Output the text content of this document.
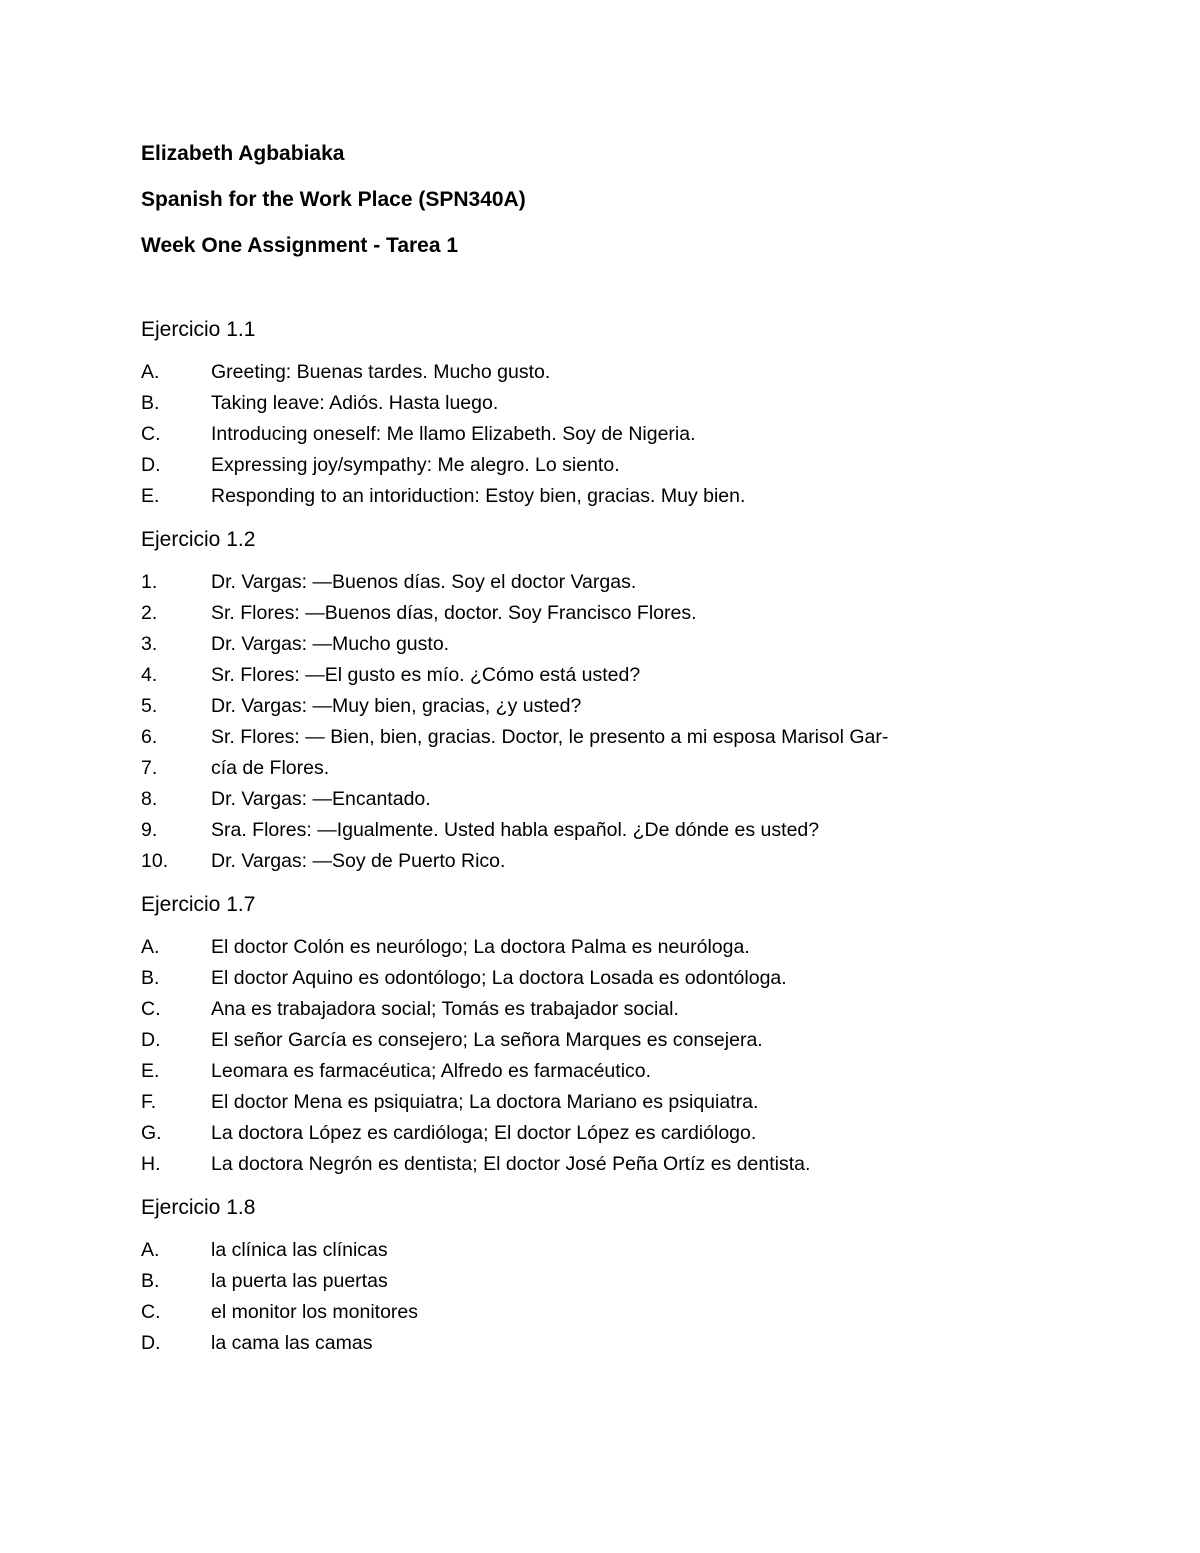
Elizabeth Agbabiaka

Spanish for the Work Place (SPN340A)

Week One Assignment - Tarea 1

Ejercicio 1.1

A.	Greeting: Buenas tardes. Mucho gusto.
B.	Taking leave: Adiós. Hasta luego.
C.	Introducing oneself: Me llamo Elizabeth. Soy de Nigeria.
D.	Expressing joy/sympathy: Me alegro. Lo siento.
E.	Responding to an intoriduction: Estoy bien, gracias. Muy bien.

Ejercicio 1.2

1.	Dr. Vargas: —Buenos días. Soy el doctor Vargas.
2.	Sr. Flores: —Buenos días, doctor. Soy Francisco Flores.
3.	Dr. Vargas: —Mucho gusto.
4.	Sr. Flores: —El gusto es mío. ¿Cómo está usted?
5.	Dr. Vargas: —Muy bien, gracias, ¿y usted?
6.	Sr. Flores: — Bien, bien, gracias. Doctor, le presento a mi esposa Marisol Gar-
7.	cía de Flores.
8.	Dr. Vargas: —Encantado.
9.	Sra. Flores: —Igualmente. Usted habla español. ¿De dónde es usted?
10.	Dr. Vargas: —Soy de Puerto Rico.

Ejercicio 1.7

A.	El doctor Colón es neurólogo; La doctora Palma es neuróloga.
B.	El doctor Aquino es odontólogo; La doctora Losada es odontóloga.
C.	Ana es trabajadora social; Tomás es trabajador social.
D.	El señor García es consejero; La señora Marques es consejera.
E.	Leomara es farmacéutica; Alfredo es farmacéutico.
F.	El doctor Mena es psiquiatra; La doctora Mariano es psiquiatra.
G.	La doctora López es cardióloga; El doctor López es cardiólogo.
H.	La doctora Negrón es dentista; El doctor José Peña Ortíz es dentista.

Ejercicio 1.8

A.	la clínica las clínicas
B.	la puerta las puertas
C.	el monitor los monitores
D.	la cama las camas
